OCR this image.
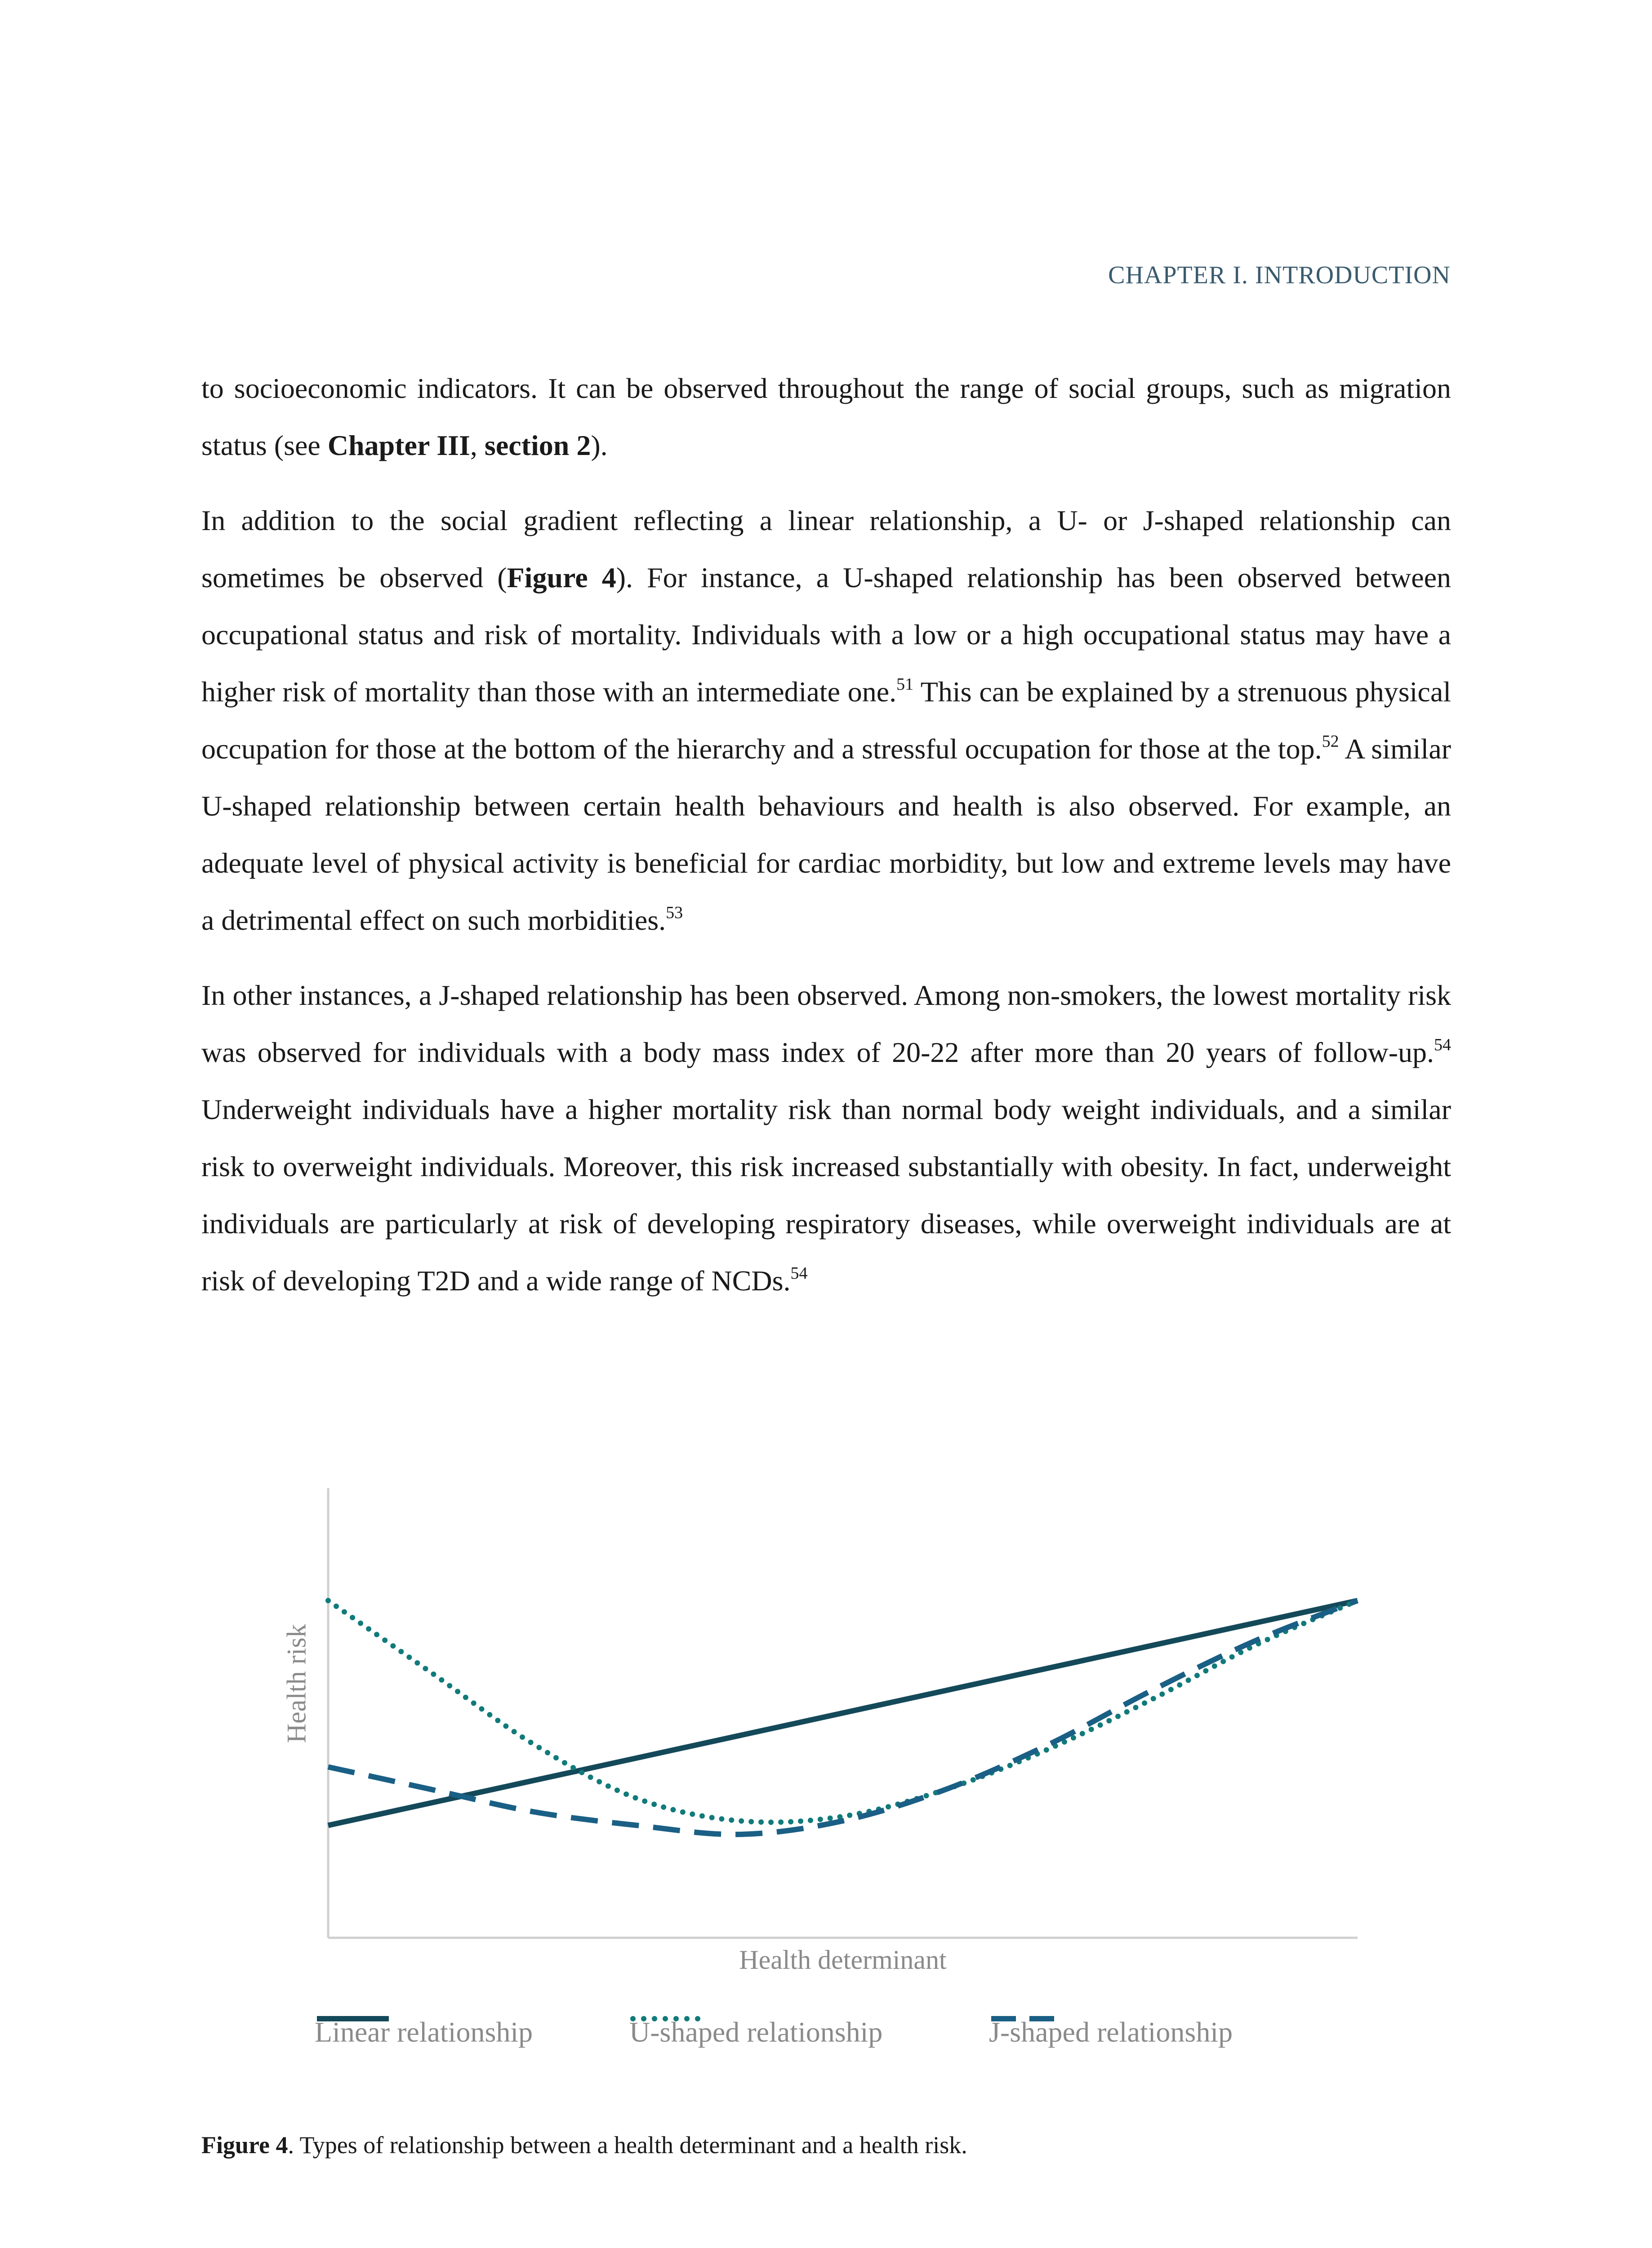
CHAPTER I. INTRODUCTION

to socioeconomic indicators. It can be observed throughout the range of social groups, such as migration status (see Chapter III, section 2).

In addition to the social gradient reflecting a linear relationship, a U- or J-shaped relationship can sometimes be observed (Figure 4). For instance, a U-shaped relationship has been observed between occupational status and risk of mortality. Individuals with a low or a high occupational status may have a higher risk of mortality than those with an intermediate one.$^{51}$ This can be explained by a strenuous physical occupation for those at the bottom of the hierarchy and a stressful occupation for those at the top.$^{52}$ A similar U-shaped relationship between certain health behaviours and health is also observed. For example, an adequate level of physical activity is beneficial for cardiac morbidity, but low and extreme levels may have a detrimental effect on such morbidities.$^{53}$

In other instances, a J-shaped relationship has been observed. Among non-smokers, the lowest mortality risk was observed for individuals with a body mass index of 20-22 after more than 20 years of follow-up.$^{54}$ Underweight individuals have a higher mortality risk than normal body weight individuals, and a similar risk to overweight individuals. Moreover, this risk increased substantially with obesity. In fact, underweight individuals are particularly at risk of developing respiratory diseases, while overweight individuals are at risk of developing T2D and a wide range of NCDs.$^{54}$

Health risk
Health determinant
Linear relationship	U-shaped relationship	J-shaped relationship
Figure 4. Types of relationship between a health determinant and a health risk.
